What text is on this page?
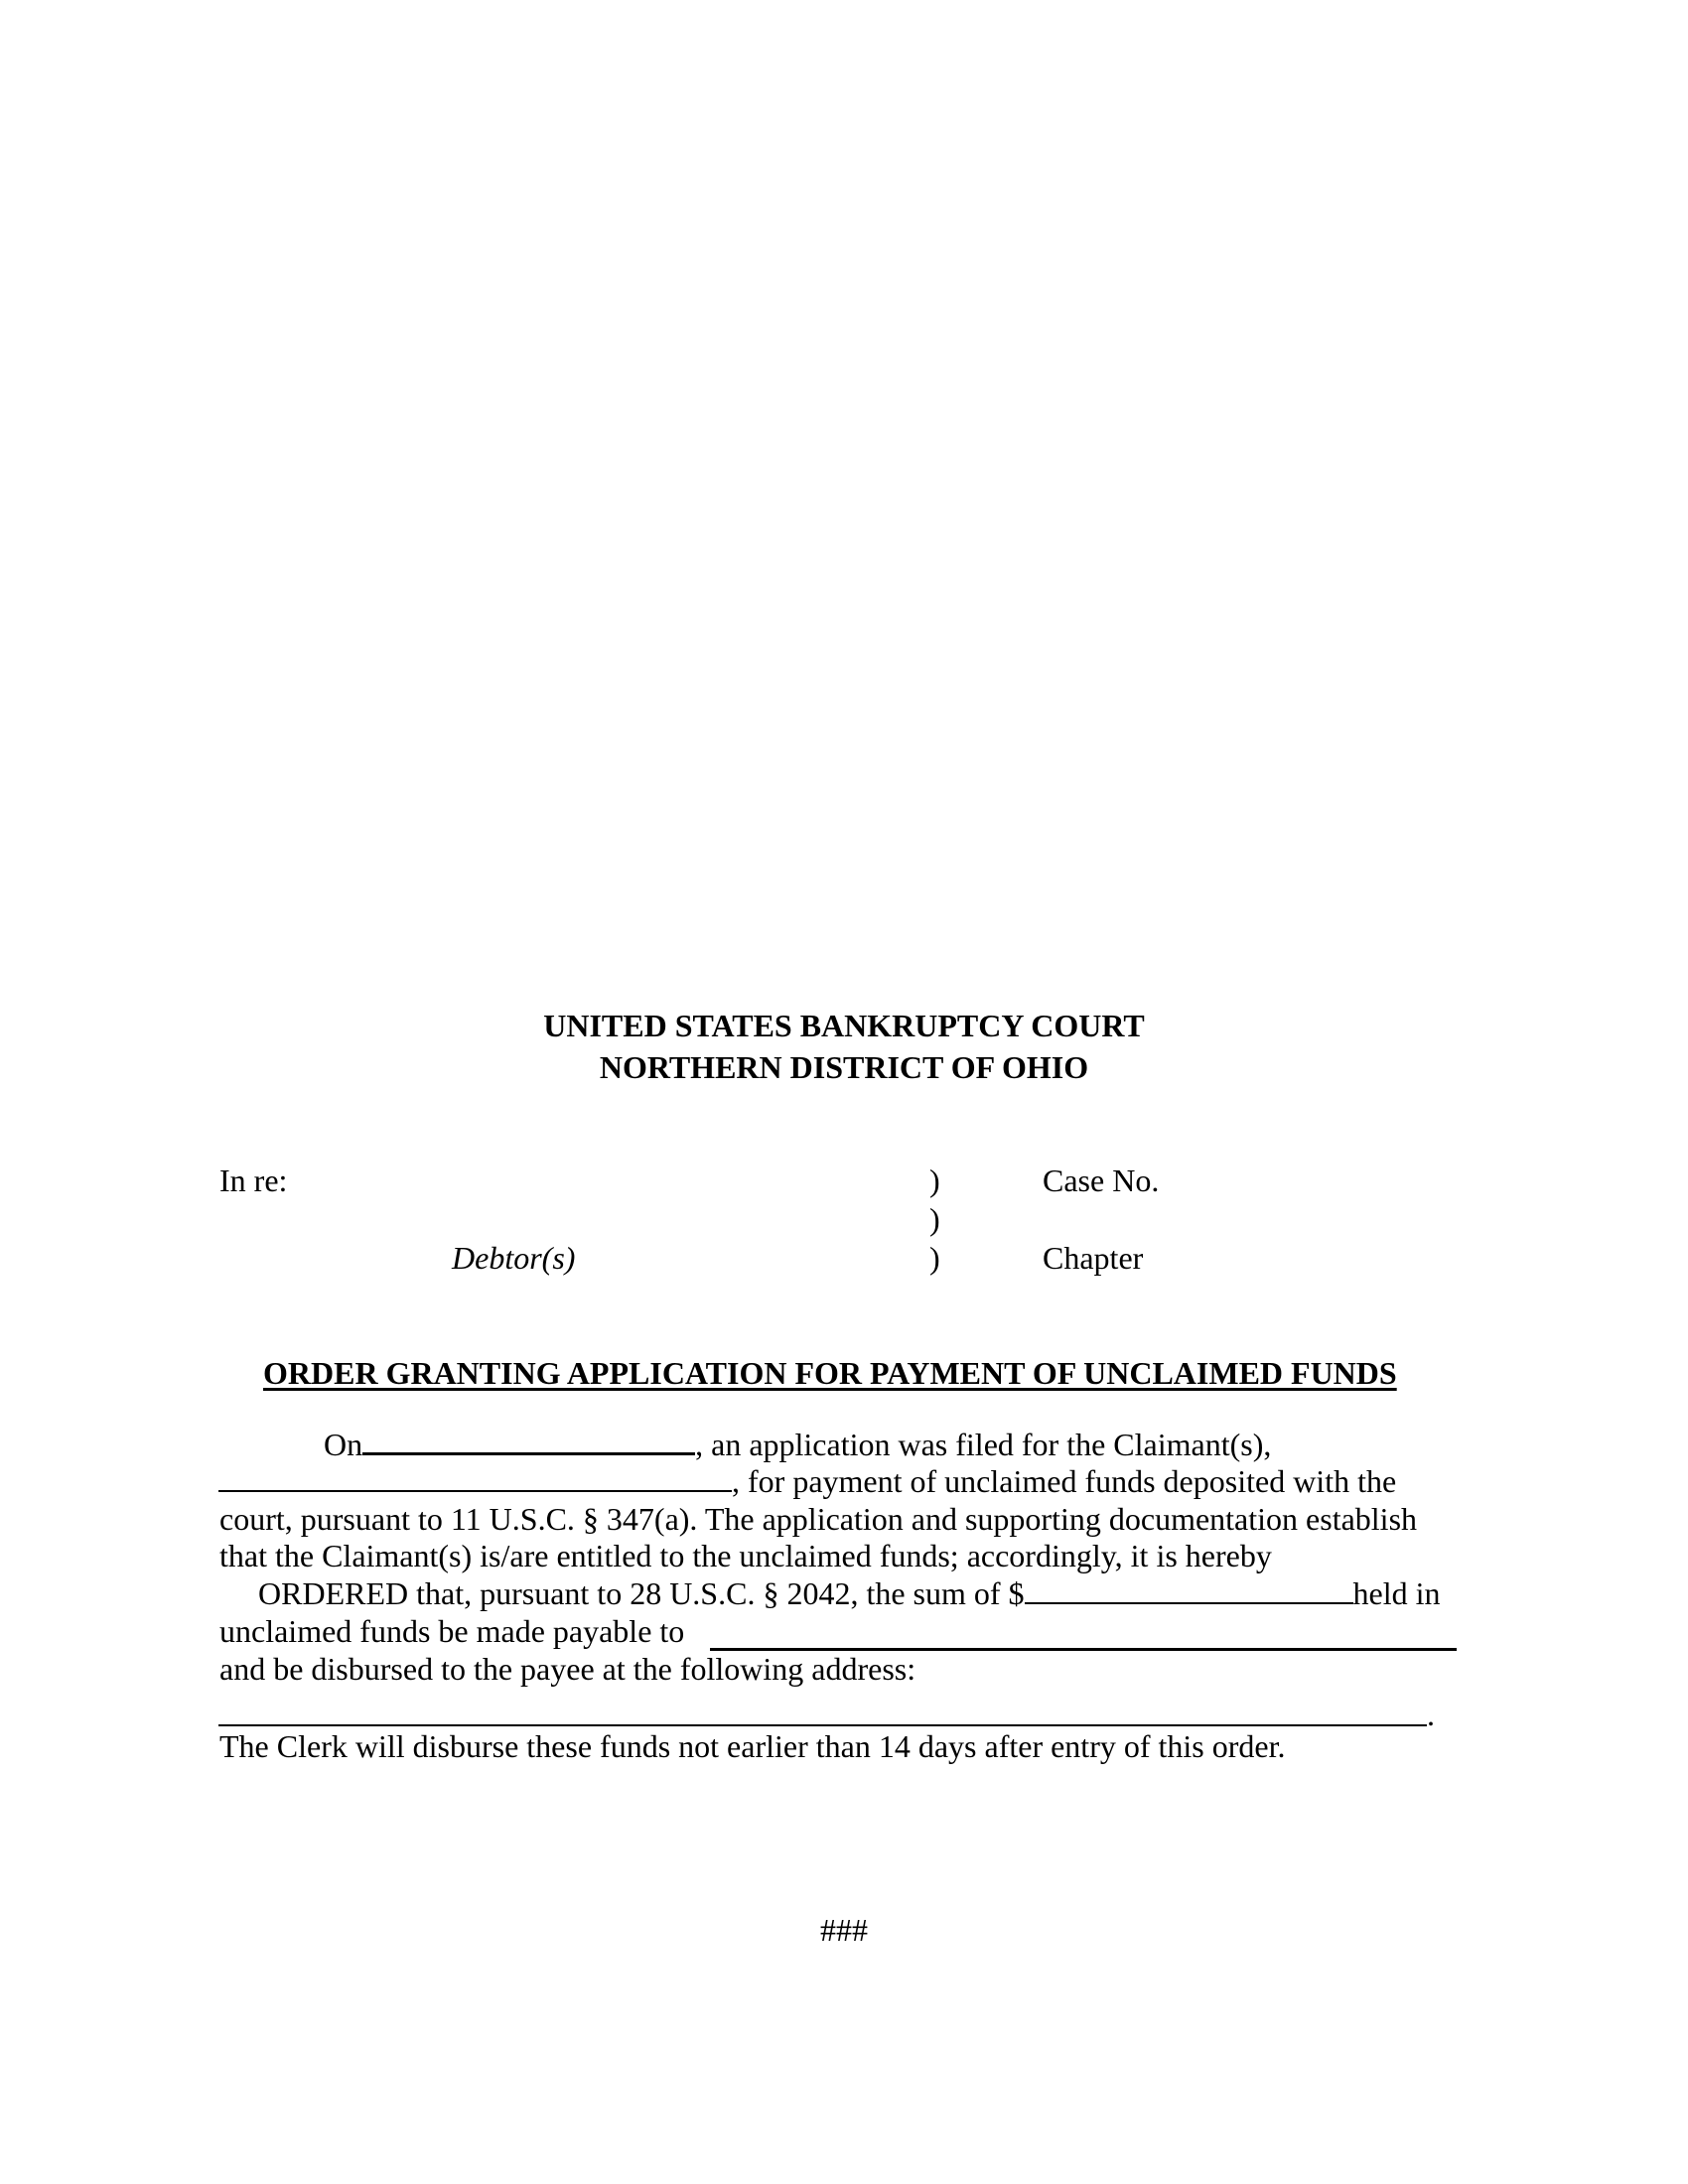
UNITED STATES BANKRUPTCY COURT
NORTHERN DISTRICT OF OHIO
In re:
Debtor(s)
)
)
)
Case No.
Chapter
ORDER GRANTING APPLICATION FOR PAYMENT OF UNCLAIMED FUNDS
On	, an application was filed for the Claimant(s),
, for payment of unclaimed funds deposited with the
court, pursuant to 11 U.S.C. § 347(a). The application and supporting documentation establish
that the Claimant(s) is/are entitled to the unclaimed funds; accordingly, it is hereby
ORDERED that, pursuant to 28 U.S.C. § 2042, the sum of $	held in
unclaimed funds be made payable to
and be disbursed to the payee at the following address:
.
The Clerk will disburse these funds not earlier than 14 days after entry of this order.
###
